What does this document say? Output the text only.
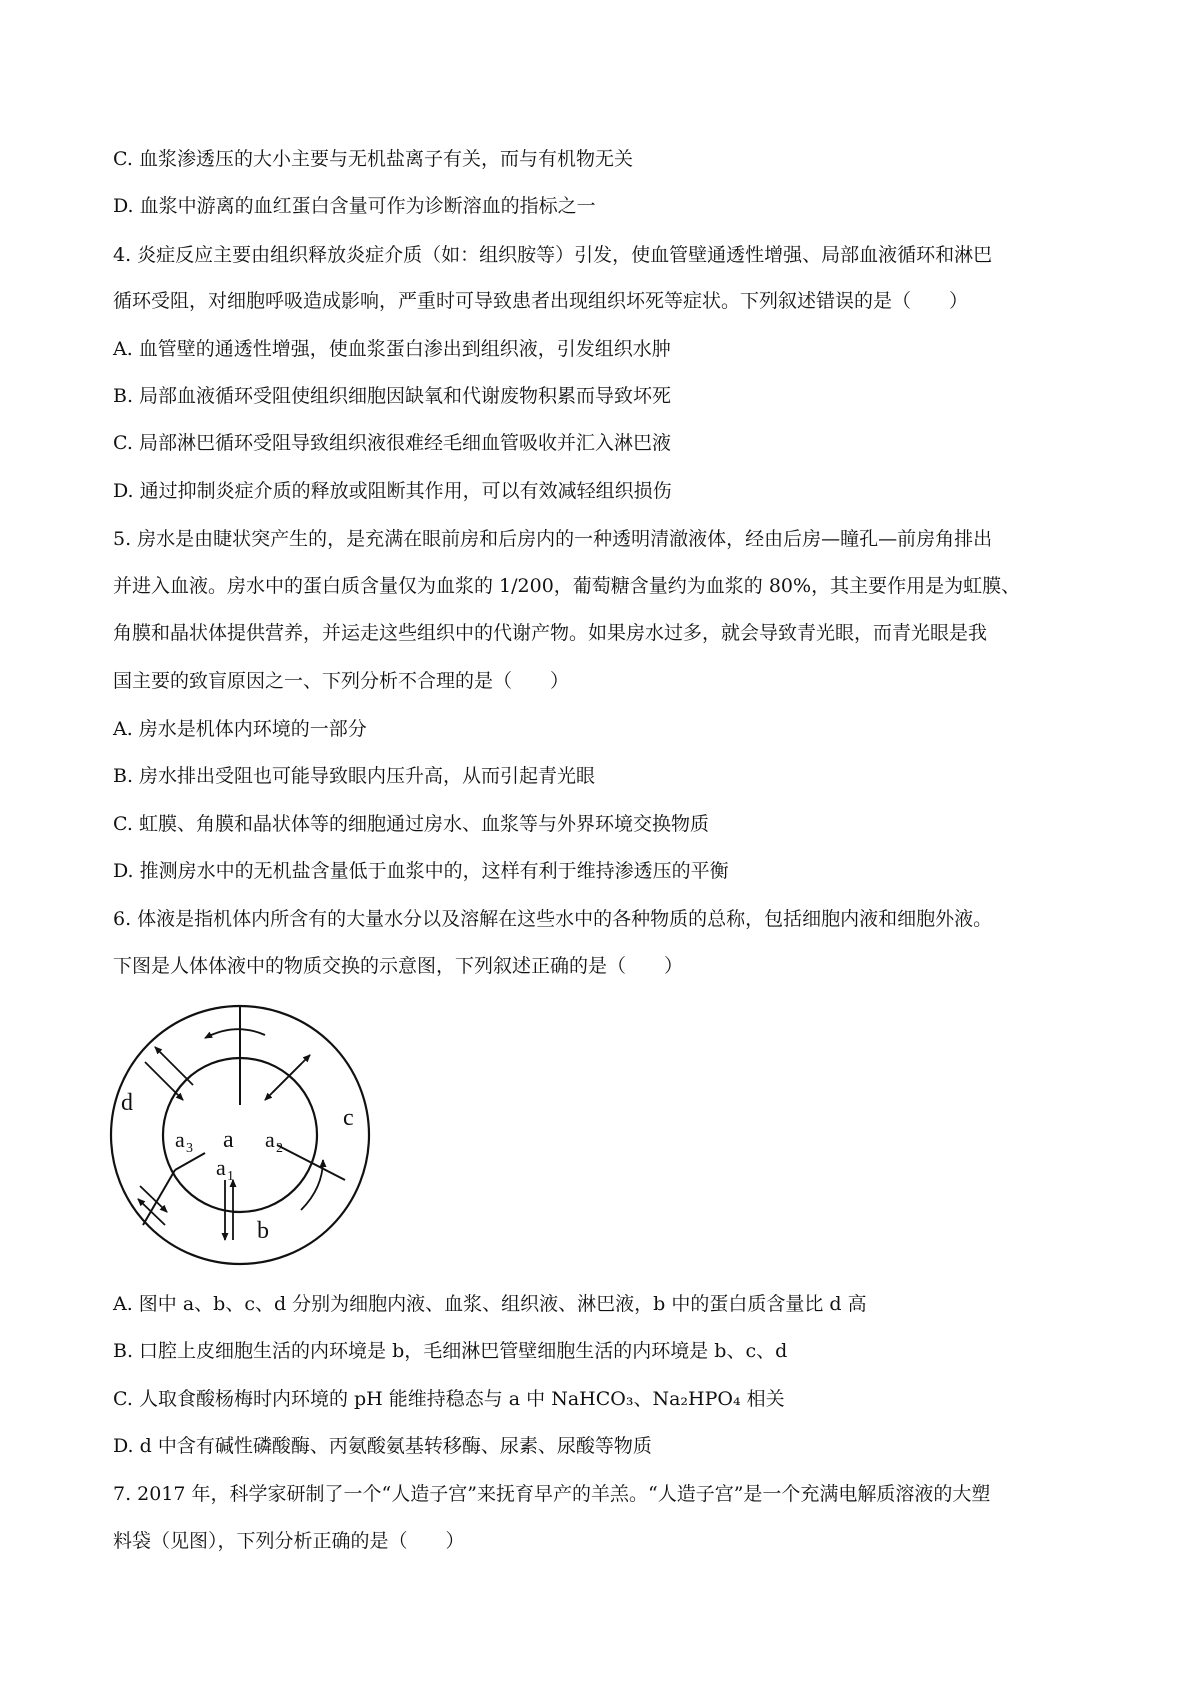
C. 血浆渗透压的大小主要与无机盐离子有关，而与有机物无关
D. 血浆中游离的血红蛋白含量可作为诊断溶血的指标之一
4. 炎症反应主要由组织释放炎症介质（如：组织胺等）引发，使血管壁通透性增强、局部血液循环和淋巴
循环受阻，对细胞呼吸造成影响，严重时可导致患者出现组织坏死等症状。下列叙述错误的是（　　）
A. 血管壁的通透性增强，使血浆蛋白渗出到组织液，引发组织水肿
B. 局部血液循环受阻使组织细胞因缺氧和代谢废物积累而导致坏死
C. 局部淋巴循环受阻导致组织液很难经毛细血管吸收并汇入淋巴液
D. 通过抑制炎症介质的释放或阻断其作用，可以有效减轻组织损伤
5. 房水是由睫状突产生的，是充满在眼前房和后房内的一种透明清澈液体，经由后房—瞳孔—前房角排出
并进入血液。房水中的蛋白质含量仅为血浆的 1/200，葡萄糖含量约为血浆的 80%，其主要作用是为虹膜、
角膜和晶状体提供营养，并运走这些组织中的代谢产物。如果房水过多，就会导致青光眼，而青光眼是我
国主要的致盲原因之一、下列分析不合理的是（　　）
A. 房水是机体内环境的一部分
B. 房水排出受阻也可能导致眼内压升高，从而引起青光眼
C. 虹膜、角膜和晶状体等的细胞通过房水、血浆等与外界环境交换物质
D. 推测房水中的无机盐含量低于血浆中的，这样有利于维持渗透压的平衡
6. 体液是指机体内所含有的大量水分以及溶解在这些水中的各种物质的总称，包括细胞内液和细胞外液。
下图是人体体液中的物质交换的示意图，下列叙述正确的是（　　）
a
a 1
a 2
a 3
b
c
d
A. 图中 a、b、c、d 分别为细胞内液、血浆、组织液、淋巴液，b 中的蛋白质含量比 d 高
B. 口腔上皮细胞生活的内环境是 b，毛细淋巴管壁细胞生活的内环境是 b、c、d
C. 人取食酸杨梅时内环境的 pH 能维持稳态与 a 中 NaHCO₃、Na₂HPO₄ 相关
D. d 中含有碱性磷酸酶、丙氨酸氨基转移酶、尿素、尿酸等物质
7. 2017 年，科学家研制了一个“人造子宫”来抚育早产的羊羔。“人造子宫”是一个充满电解质溶液的大塑
料袋（见图），下列分析正确的是（　　）
